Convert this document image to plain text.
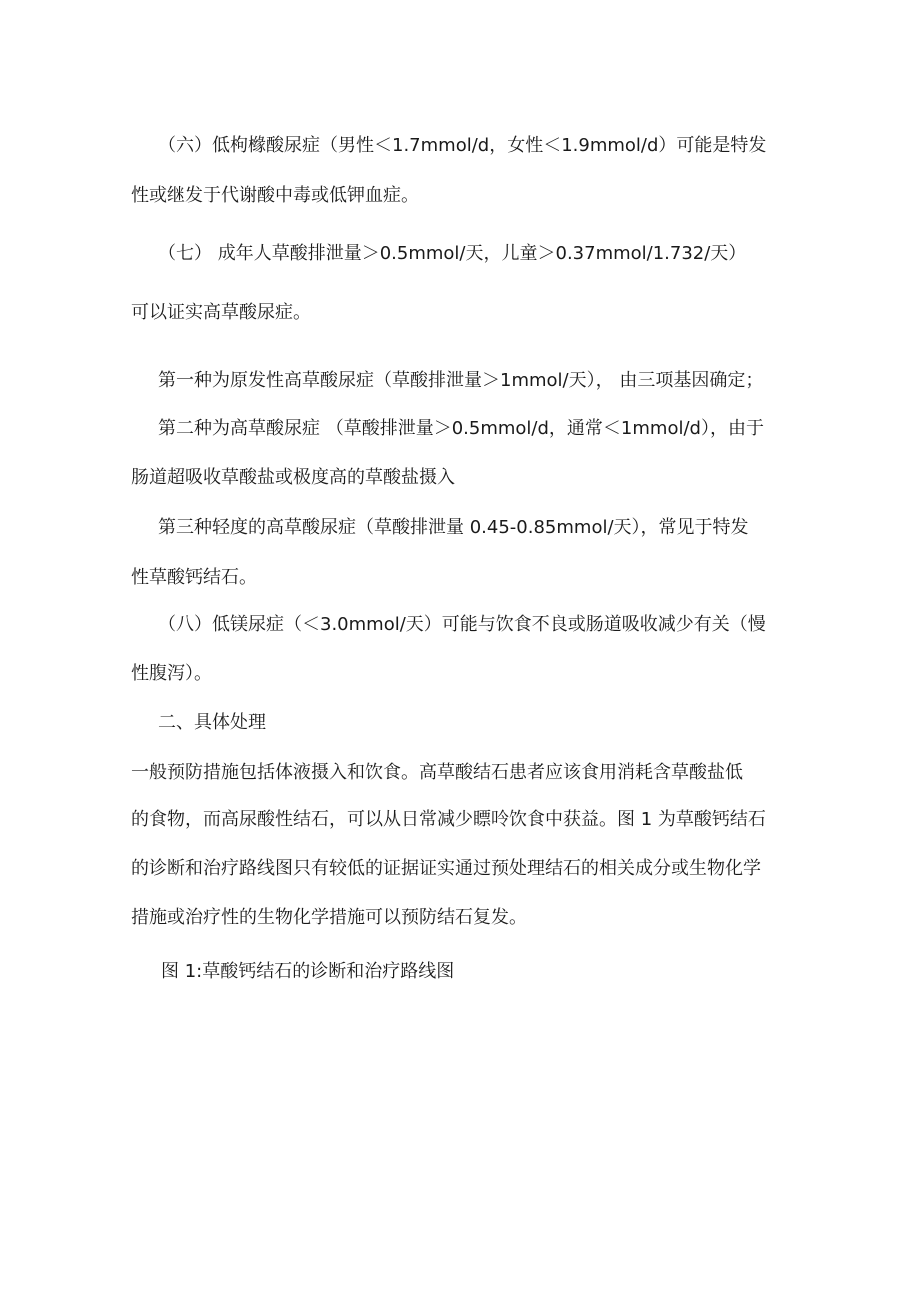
（六）低枸橼酸尿症（男性＜1.7mmol/d，女性＜1.9mmol/d）可能是特发
性或继发于代谢酸中毒或低钾血症。
（七） 成年人草酸排泄量＞0.5mmol/天，儿童＞0.37mmol/1.732/天）
可以证实高草酸尿症。
第一种为原发性高草酸尿症（草酸排泄量＞1mmol/天）， 由三项基因确定；
第二种为高草酸尿症 （草酸排泄量＞0.5mmol/d，通常＜1mmol/d），由于
肠道超吸收草酸盐或极度高的草酸盐摄入
第三种轻度的高草酸尿症（草酸排泄量 0.45-0.85mmol/天），常见于特发
性草酸钙结石。
（八）低镁尿症（＜3.0mmol/天）可能与饮食不良或肠道吸收减少有关（慢
性腹泻）。
二、具体处理
一般预防措施包括体液摄入和饮食。高草酸结石患者应该食用消耗含草酸盐低
的食物，而高尿酸性结石，可以从日常减少瞟呤饮食中获益。图 1 为草酸钙结石
的诊断和治疗路线图只有较低的证据证实通过预处理结石的相关成分或生物化学
措施或治疗性的生物化学措施可以预防结石复发。
图 1:草酸钙结石的诊断和治疗路线图
